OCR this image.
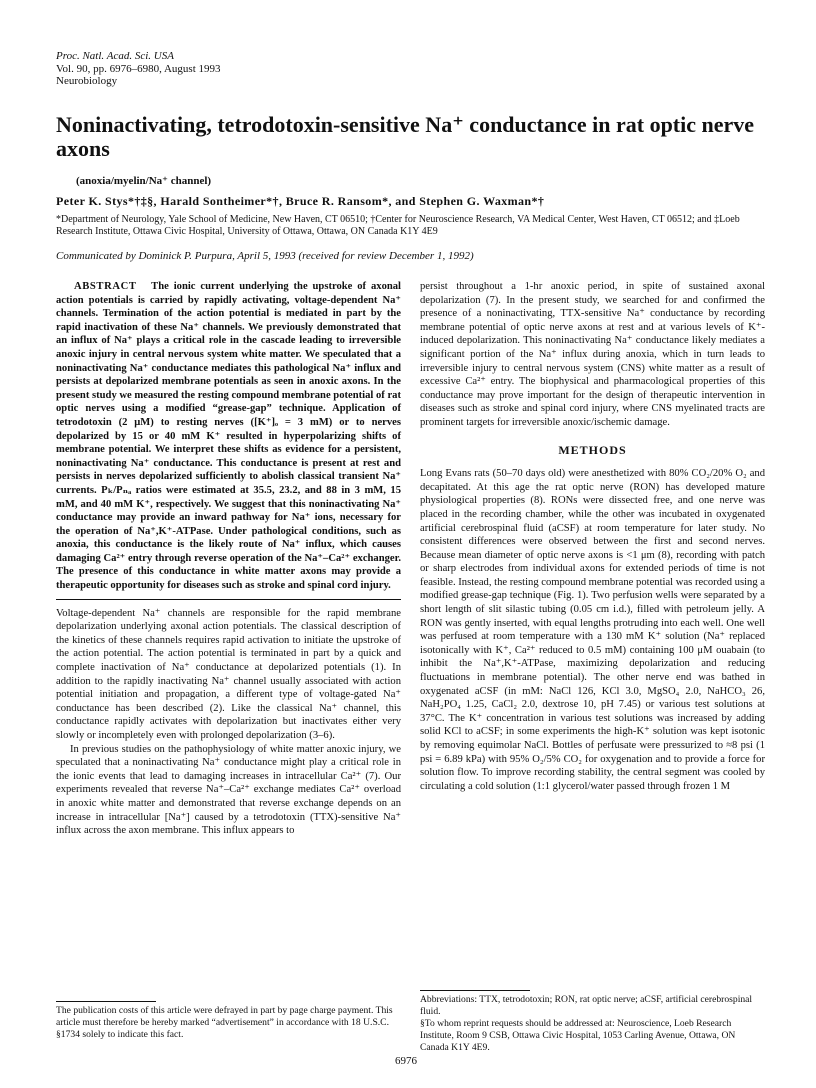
Proc. Natl. Acad. Sci. USA
Vol. 90, pp. 6976–6980, August 1993
Neurobiology
Noninactivating, tetrodotoxin-sensitive Na⁺ conductance in rat optic nerve axons
(anoxia/myelin/Na⁺ channel)
Peter K. Stys*†‡§, Harald Sontheimer*†, Bruce R. Ransom*, and Stephen G. Waxman*†
*Department of Neurology, Yale School of Medicine, New Haven, CT 06510; †Center for Neuroscience Research, VA Medical Center, West Haven, CT 06512; and ‡Loeb Research Institute, Ottawa Civic Hospital, University of Ottawa, Ottawa, ON Canada K1Y 4E9
Communicated by Dominick P. Purpura, April 5, 1993 (received for review December 1, 1992)

ABSTRACT The ionic current underlying the upstroke of axonal action potentials is carried by rapidly activating, voltage-dependent Na⁺ channels. Termination of the action potential is mediated in part by the rapid inactivation of these Na⁺ channels. We previously demonstrated that an influx of Na⁺ plays a critical role in the cascade leading to irreversible anoxic injury in central nervous system white matter. We speculated that a noninactivating Na⁺ conductance mediates this pathological Na⁺ influx and persists at depolarized membrane potentials as seen in anoxic axons. In the present study we measured the resting compound membrane potential of rat optic nerves using a modified “grease-gap” technique. Application of tetrodotoxin (2 μM) to resting nerves ([K⁺]ₒ = 3 mM) or to nerves depolarized by 15 or 40 mM K⁺ resulted in hyperpolarizing shifts of membrane potential. We interpret these shifts as evidence for a persistent, noninactivating Na⁺ conductance. This conductance is present at rest and persists in nerves depolarized sufficiently to abolish classical transient Na⁺ currents. Pₖ/Pₙₐ ratios were estimated at 35.5, 23.2, and 88 in 3 mM, 15 mM, and 40 mM K⁺, respectively. We suggest that this noninactivating Na⁺ conductance may provide an inward pathway for Na⁺ ions, necessary for the operation of Na⁺,K⁺-ATPase. Under pathological conditions, such as anoxia, this conductance is the likely route of Na⁺ influx, which causes damaging Ca²⁺ entry through reverse operation of the Na⁺–Ca²⁺ exchanger. The presence of this conductance in white matter axons may provide a therapeutic opportunity for diseases such as stroke and spinal cord injury.

Voltage-dependent Na⁺ channels are responsible for the rapid membrane depolarization underlying axonal action potentials. The classical description of the kinetics of these channels requires rapid activation to initiate the upstroke of the action potential. The action potential is terminated in part by a quick and complete inactivation of Na⁺ conductance at depolarized potentials (1). In addition to the rapidly inactivating Na⁺ channel usually associated with action potential initiation and propagation, a different type of voltage-gated Na⁺ conductance has been described (2). Like the classical Na⁺ channel, this conductance rapidly activates with depolarization but inactivates either very slowly or incompletely even with prolonged depolarization (3–6).

In previous studies on the pathophysiology of white matter anoxic injury, we speculated that a noninactivating Na⁺ conductance might play a critical role in the ionic events that lead to damaging increases in intracellular Ca²⁺ (7). Our experiments revealed that reverse Na⁺–Ca²⁺ exchange mediates Ca²⁺ overload in anoxic white matter and demonstrated that reverse exchange depends on an increase in intracellular [Na⁺] caused by a tetrodotoxin (TTX)-sensitive Na⁺ influx across the axon membrane. This influx appears to

persist throughout a 1-hr anoxic period, in spite of sustained axonal depolarization (7). In the present study, we searched for and confirmed the presence of a noninactivating, TTX-sensitive Na⁺ conductance by recording membrane potential of optic nerve axons at rest and at various levels of K⁺-induced depolarization. This noninactivating Na⁺ conductance likely mediates a significant portion of the Na⁺ influx during anoxia, which in turn leads to irreversible injury to central nervous system (CNS) white matter as a result of excessive Ca²⁺ entry. The biophysical and pharmacological properties of this conductance may prove important for the design of therapeutic intervention in diseases such as stroke and spinal cord injury, where CNS myelinated tracts are prominent targets for irreversible anoxic/ischemic damage.

METHODS

Long Evans rats (50–70 days old) were anesthetized with 80% CO₂/20% O₂ and decapitated. At this age the rat optic nerve (RON) has developed mature physiological properties (8). RONs were dissected free, and one nerve was placed in the recording chamber, while the other was incubated in oxygenated artificial cerebrospinal fluid (aCSF) at room temperature for later study. No consistent differences were observed between the first and second nerves. Because mean diameter of optic nerve axons is <1 μm (8), recording with patch or sharp electrodes from individual axons for extended periods of time is not feasible. Instead, the resting compound membrane potential was recorded using a modified grease-gap technique (Fig. 1). Two perfusion wells were separated by a short length of slit silastic tubing (0.05 cm i.d.), filled with petroleum jelly. A RON was gently inserted, with equal lengths protruding into each well. One well was perfused at room temperature with a 130 mM K⁺ solution (Na⁺ replaced isotonically with K⁺, Ca²⁺ reduced to 0.5 mM) containing 100 μM ouabain (to inhibit the Na⁺,K⁺-ATPase, maximizing depolarization and reducing fluctuations in membrane potential). The other nerve end was bathed in oxygenated aCSF (in mM: NaCl 126, KCl 3.0, MgSO₄ 2.0, NaHCO₃ 26, NaH₂PO₄ 1.25, CaCl₂ 2.0, dextrose 10, pH 7.45) or various test solutions at 37°C. The K⁺ concentration in various test solutions was increased by adding solid KCl to aCSF; in some experiments the high-K⁺ solution was kept isotonic by removing equimolar NaCl. Bottles of perfusate were pressurized to ≈8 psi (1 psi = 6.89 kPa) with 95% O₂/5% CO₂ for oxygenation and to provide a force for solution flow. To improve recording stability, the central segment was cooled by circulating a cold solution (1:1 glycerol/water passed through frozen 1 M

The publication costs of this article were defrayed in part by page charge payment. This article must therefore be hereby marked “advertisement” in accordance with 18 U.S.C. §1734 solely to indicate this fact.

Abbreviations: TTX, tetrodotoxin; RON, rat optic nerve; aCSF, artificial cerebrospinal fluid.

§To whom reprint requests should be addressed at: Neuroscience, Loeb Research Institute, Room 9 CSB, Ottawa Civic Hospital, 1053 Carling Avenue, Ottawa, ON Canada K1Y 4E9.

6976
